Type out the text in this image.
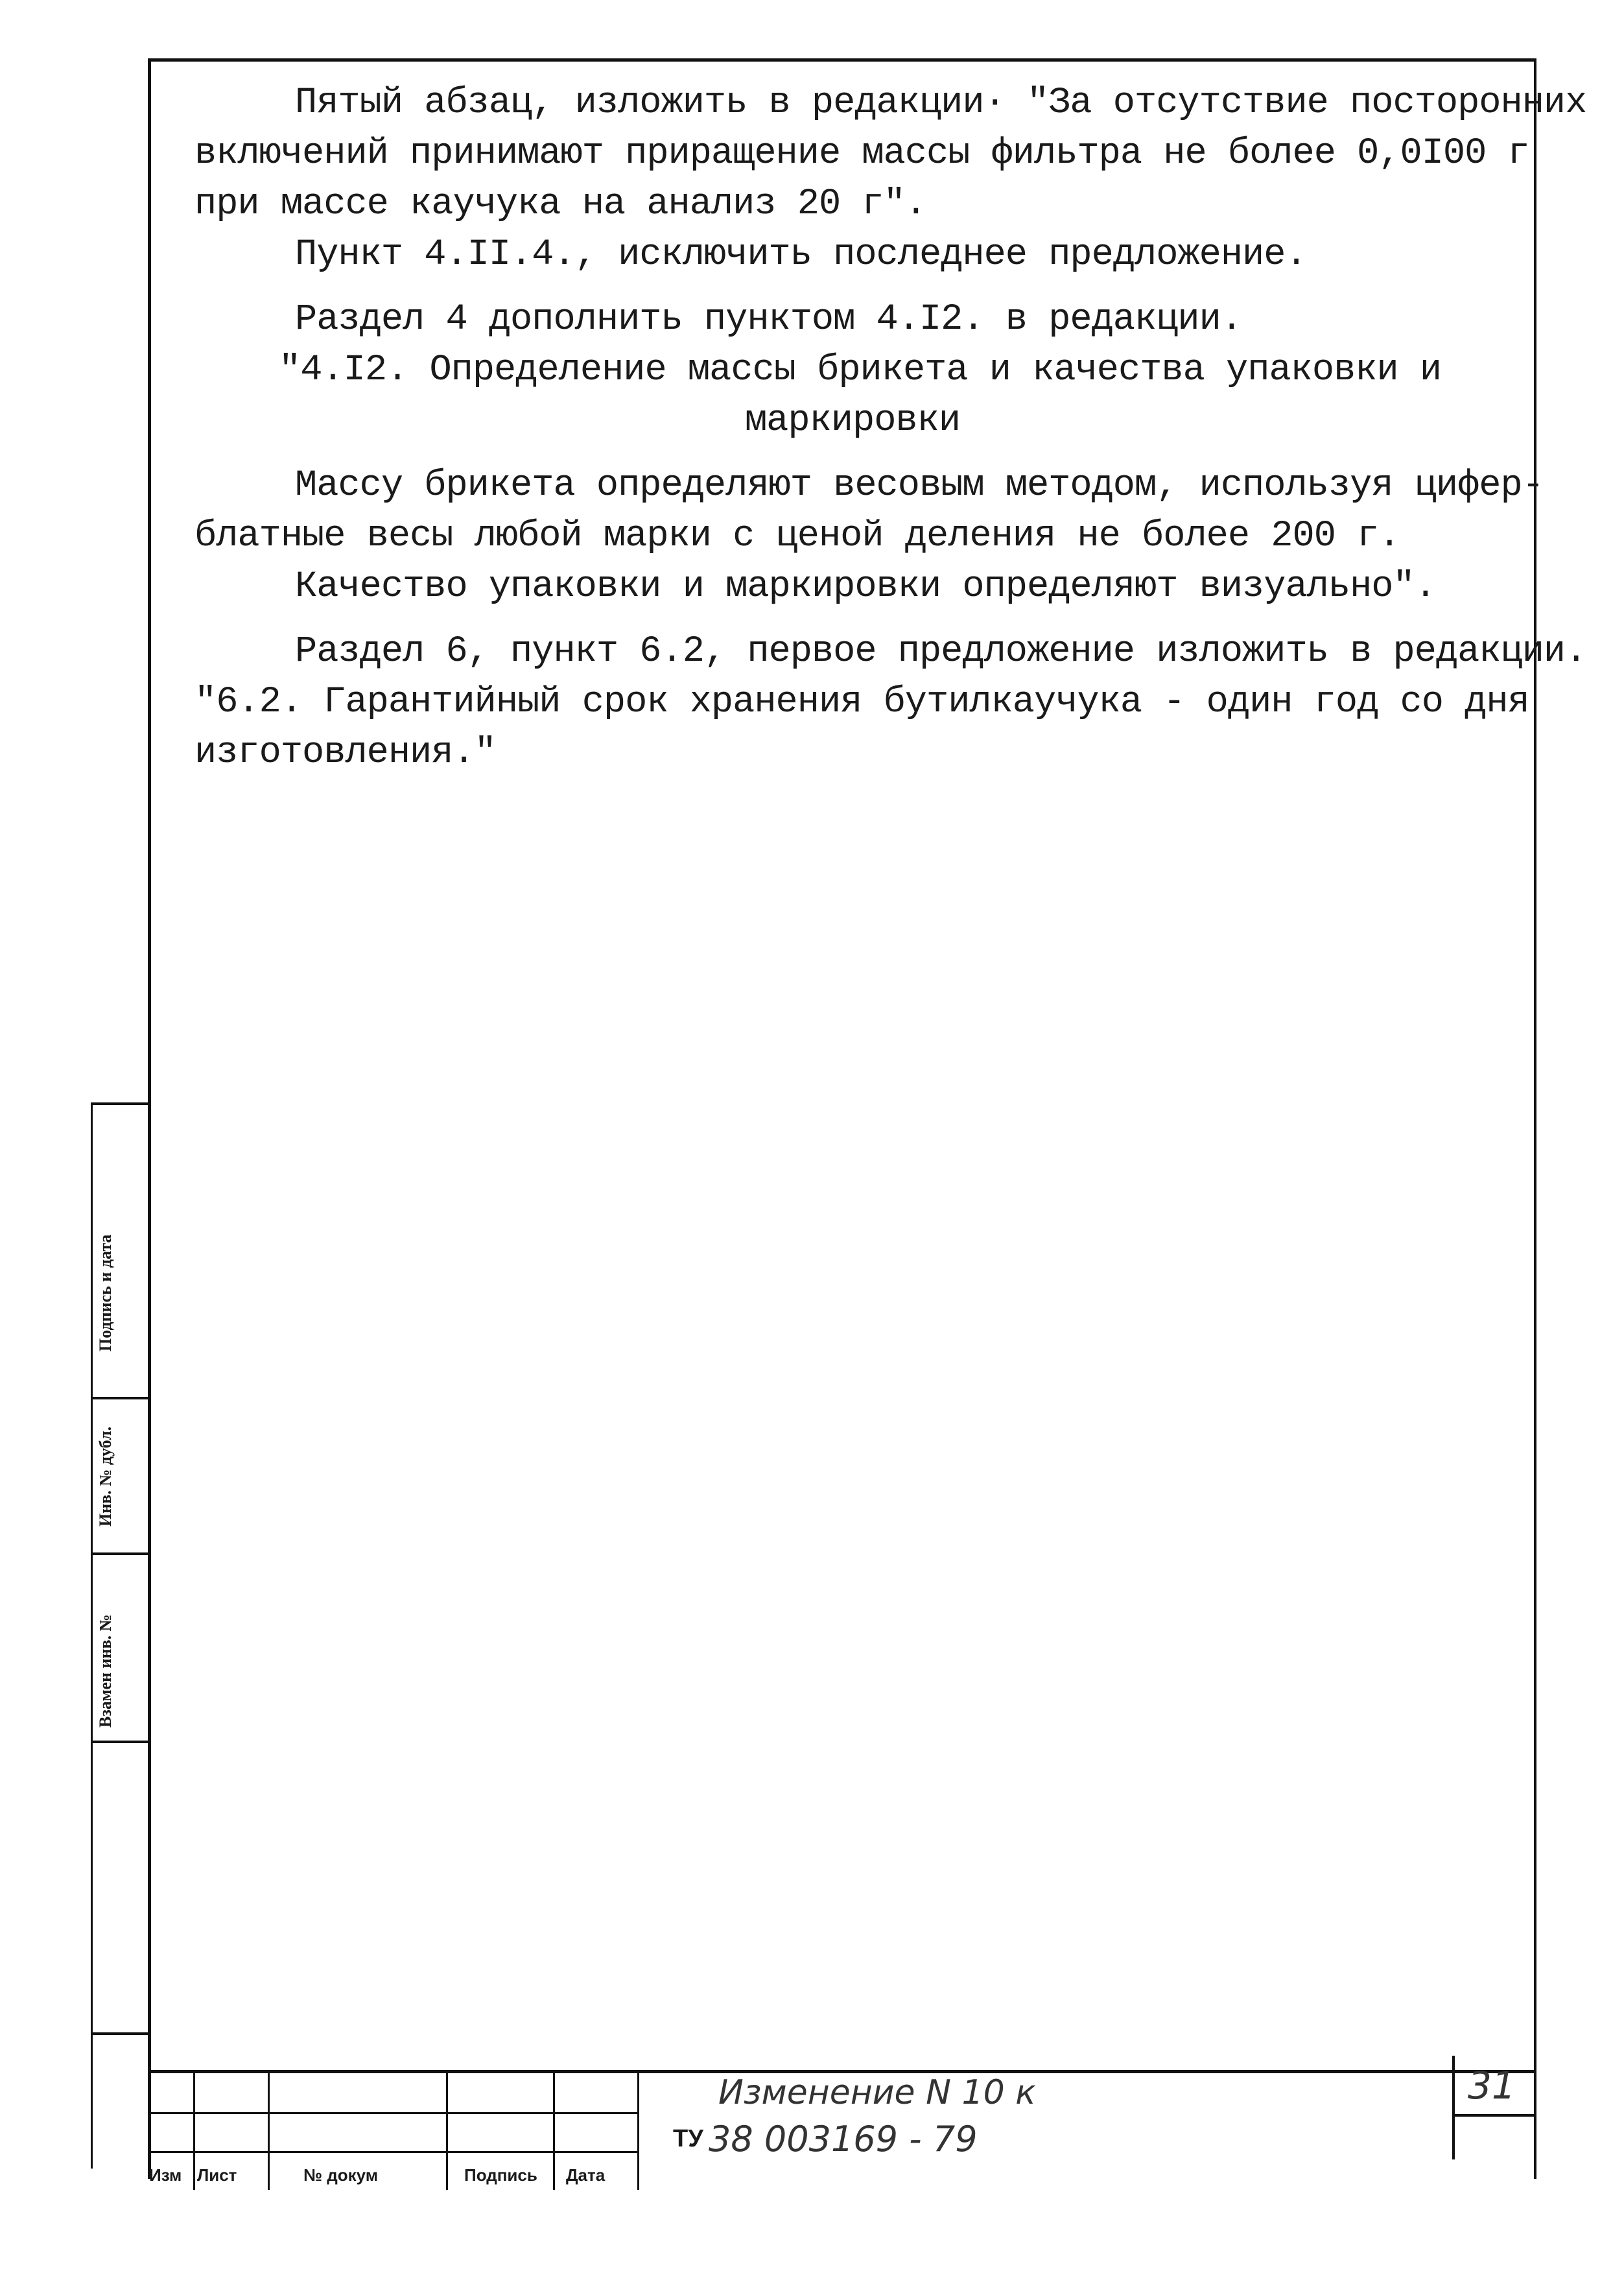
Пятый абзац, изложить в редакции· "За отсутствие посторонних

включений принимают приращение массы фильтра не более 0,0I00 г

при массе каучука на анализ 20 г".

Пункт 4.II.4., исключить последнее предложение.

Раздел 4 дополнить пунктом 4.I2. в редакции.

"4.I2. Определение массы брикета и качества упаковки и

маркировки

Массу брикета определяют весовым методом, используя цифер-

блатные весы любой марки с ценой деления не более 200 г.

Качество упаковки и маркировки определяют визуально".

Раздел 6, пункт 6.2, первое предложение изложить в редакции.

"6.2. Гарантийный срок хранения бутилкаучука - один год со дня

изготовления."

Подпись и дата
Инв. № дубл.
Взамен инв. №
Изм Лист	№ докум	Подпись Дата
Изменение N 10 к
ТУ 38 003169 - 79
31
